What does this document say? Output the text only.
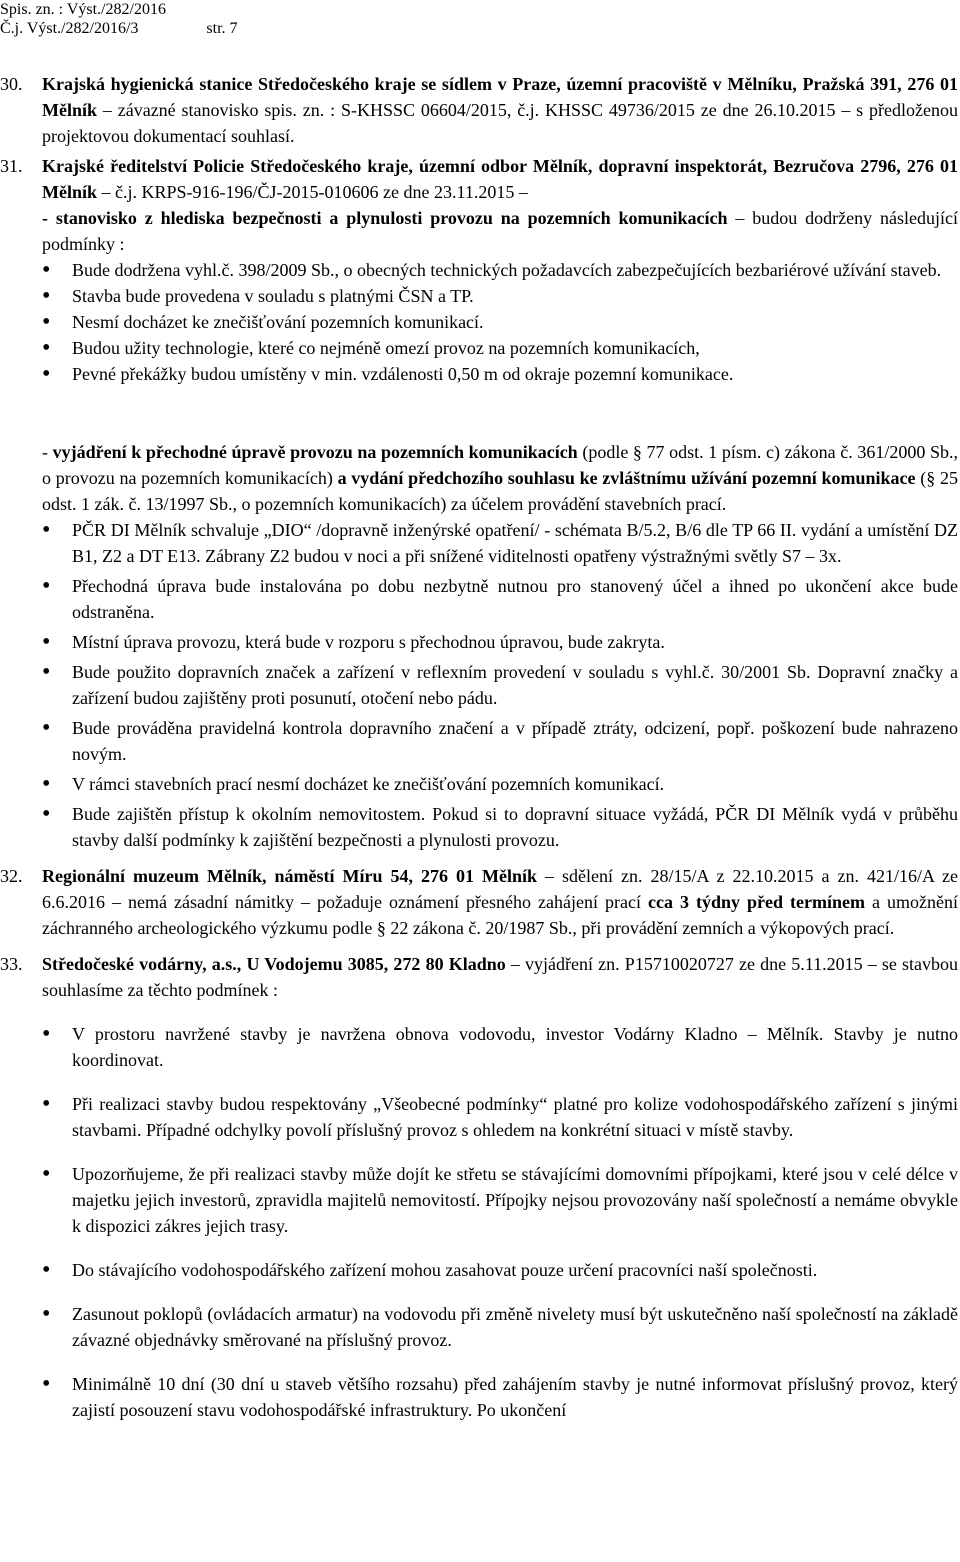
Spis. zn. : Výst./282/2016
Č.j. Výst./282/2016/3	str. 7
30. Krajská hygienická stanice Středočeského kraje se sídlem v Praze, územní pracoviště v Mělníku, Pražská 391, 276 01 Mělník – závazné stanovisko spis. zn. : S-KHSSC 06604/2015, č.j. KHSSC 49736/2015 ze dne 26.10.2015 – s předloženou projektovou dokumentací souhlasí.
31. Krajské ředitelství Policie Středočeského kraje, územní odbor Mělník, dopravní inspektorát, Bezručova 2796, 276 01 Mělník – č.j. KRPS-916-196/ČJ-2015-010606 ze dne 23.11.2015 –
- stanovisko z hlediska bezpečnosti a plynulosti provozu na pozemních komunikacích – budou dodrženy následující podmínky :
• Bude dodržena vyhl.č. 398/2009 Sb., o obecných technických požadavcích zabezpečujících bezbariérové užívání staveb.
• Stavba bude provedena v souladu s platnými ČSN a TP.
• Nesmí docházet ke znečišťování pozemních komunikací.
• Budou užity technologie, které co nejméně omezí provoz na pozemních komunikacích,
• Pevné překážky budou umístěny v min. vzdálenosti 0,50 m od okraje pozemní komunikace.
- vyjádření k přechodné úpravě provozu na pozemních komunikacích (podle § 77 odst. 1 písm. c) zákona č. 361/2000 Sb., o provozu na pozemních komunikacích) a vydání předchozího souhlasu ke zvláštnímu užívání pozemní komunikace (§ 25 odst. 1 zák. č. 13/1997 Sb., o pozemních komunikacích) za účelem provádění stavebních prací.
• PČR DI Mělník schvaluje „DIO“ /dopravně inženýrské opatření/ - schémata B/5.2, B/6 dle TP 66 II. vydání a umístění DZ B1, Z2 a DT E13. Zábrany Z2 budou v noci a při snížené viditelnosti opatřeny výstražnými světly S7 – 3x.
• Přechodná úprava bude instalována po dobu nezbytně nutnou pro stanovený účel a ihned po ukončení akce bude odstraněna.
• Místní úprava provozu, která bude v rozporu s přechodnou úpravou, bude zakryta.
• Bude použito dopravních značek a zařízení v reflexním provedení v souladu s vyhl.č. 30/2001 Sb. Dopravní značky a zařízení budou zajištěny proti posunutí, otočení nebo pádu.
• Bude prováděna pravidelná kontrola dopravního značení a v případě ztráty, odcizení, popř. poškození bude nahrazeno novým.
• V rámci stavebních prací nesmí docházet ke znečišťování pozemních komunikací.
• Bude zajištěn přístup k okolním nemovitostem. Pokud si to dopravní situace vyžádá, PČR DI Mělník vydá v průběhu stavby další podmínky k zajištění bezpečnosti a plynulosti provozu.
32. Regionální muzeum Mělník, náměstí Míru 54, 276 01 Mělník – sdělení zn. 28/15/A z 22.10.2015 a zn. 421/16/A ze 6.6.2016 – nemá zásadní námitky – požaduje oznámení přesného zahájení prací cca 3 týdny před termínem a umožnění záchranného archeologického výzkumu podle § 22 zákona č. 20/1987 Sb., při provádění zemních a výkopových prací.
33. Středočeské vodárny, a.s., U Vodojemu 3085, 272 80 Kladno – vyjádření zn. P15710020727 ze dne 5.11.2015 – se stavbou souhlasíme za těchto podmínek :
• V prostoru navržené stavby je navržena obnova vodovodu, investor Vodárny Kladno – Mělník. Stavby je nutno koordinovat.
• Při realizaci stavby budou respektovány „Všeobecné podmínky“ platné pro kolize vodohospodářského zařízení s jinými stavbami. Případné odchylky povolí příslušný provoz s ohledem na konkrétní situaci v místě stavby.
• Upozorňujeme, že při realizaci stavby může dojít ke střetu se stávajícími domovními přípojkami, které jsou v celé délce v majetku jejich investorů, zpravidla majitelů nemovitostí. Přípojky nejsou provozovány naší společností a nemáme obvykle k dispozici zákres jejich trasy.
• Do stávajícího vodohospodářského zařízení mohou zasahovat pouze určení pracovníci naší společnosti.
• Zasunout poklopů (ovládacích armatur) na vodovodu při změně nivelety musí být uskutečněno naší společností na základě závazné objednávky směrované na příslušný provoz.
• Minimálně 10 dní (30 dní u staveb většího rozsahu) před zahájením stavby je nutné informovat příslušný provoz, který zajistí posouzení stavu vodohospodářské infrastruktury. Po ukončení
